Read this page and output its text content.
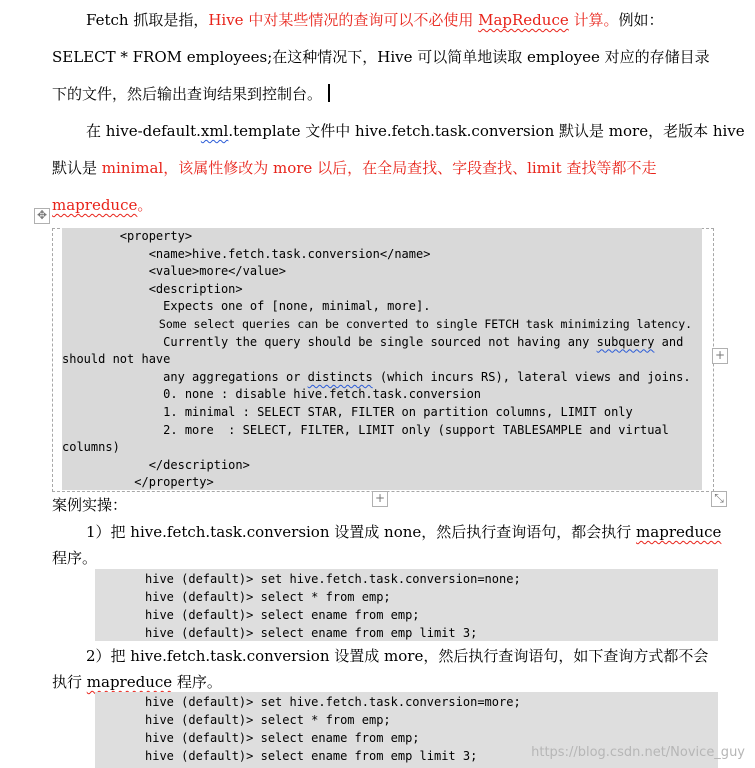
Fetch 抓取是指，Hive 中对某些情况的查询可以不必使用 MapReduce 计算。例如：
SELECT * FROM employees;在这种情况下，Hive 可以简单地读取 employee 对应的存储目录
下的文件，然后输出查询结果到控制台。
在 hive-default.xml.template 文件中 hive.fetch.task.conversion 默认是 more，老版本 hive
默认是 minimal，该属性修改为 more 以后，在全局查找、字段查找、limit 查找等都不走
mapreduce。
✥
<property>
<name>hive.fetch.task.conversion</name>
<value>more</value>
<description>
Expects one of [none, minimal, more].
Some select queries can be converted to single FETCH task minimizing latency.
Currently the query should be single sourced not having any subquery and
should not have
any aggregations or distincts (which incurs RS), lateral views and joins.
0. none : disable hive.fetch.task.conversion
1. minimal : SELECT STAR, FILTER on partition columns, LIMIT only
2. more  : SELECT, FILTER, LIMIT only (support TABLESAMPLE and virtual
columns)
</description>
</property>
+
+	⤡
案例实操：
1）把 hive.fetch.task.conversion 设置成 none，然后执行查询语句，都会执行 mapreduce
程序。
hive (default)> set hive.fetch.task.conversion=none;
hive (default)> select * from emp;
hive (default)> select ename from emp;
hive (default)> select ename from emp limit 3;
2）把 hive.fetch.task.conversion 设置成 more，然后执行查询语句，如下查询方式都不会
执行 mapreduce 程序。
hive (default)> set hive.fetch.task.conversion=more;
hive (default)> select * from emp;
hive (default)> select ename from emp;
hive (default)> select ename from emp limit 3;	https://blog.csdn.net/Novice_guy
